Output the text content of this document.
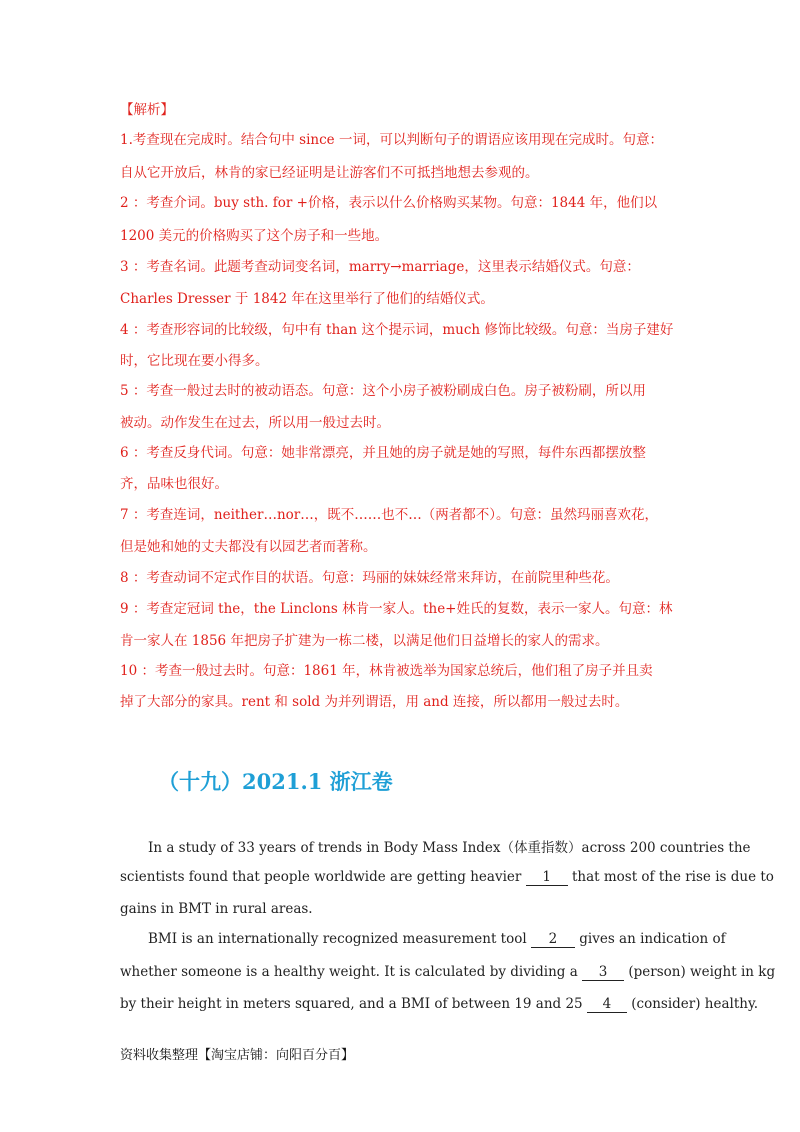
【解析】
1.考查现在完成时。结合句中 since 一词，可以判断句子的谓语应该用现在完成时。句意：
自从它开放后，林肯的家已经证明是让游客们不可抵挡地想去参观的。
2 ：考查介词。buy sth. for +价格，表示以什么价格购买某物。句意：1844 年，他们以
1200 美元的价格购买了这个房子和一些地。
3 ：考查名词。此题考查动词变名词，marry→marriage，这里表示结婚仪式。句意：
Charles Dresser 于 1842 年在这里举行了他们的结婚仪式。
4 ：考查形容词的比较级，句中有 than 这个提示词，much 修饰比较级。句意：当房子建好
时，它比现在要小得多。
5 ：考查一般过去时的被动语态。句意：这个小房子被粉刷成白色。房子被粉刷，所以用
被动。动作发生在过去，所以用一般过去时。
6 ：考查反身代词。句意：她非常漂亮，并且她的房子就是她的写照，每件东西都摆放整
齐，品味也很好。
7 ：考查连词，neither…nor…，既不……也不…（两者都不）。句意：虽然玛丽喜欢花，
但是她和她的丈夫都没有以园艺者而著称。
8 ：考查动词不定式作目的状语。句意：玛丽的妹妹经常来拜访，在前院里种些花。
9 ：考查定冠词 the，the Linclons 林肯一家人。the+姓氏的复数，表示一家人。句意：林
肯一家人在 1856 年把房子扩建为一栋二楼，以满足他们日益增长的家人的需求。
10 ：考查一般过去时。句意：1861 年，林肯被选举为国家总统后，他们租了房子并且卖
掉了大部分的家具。rent 和 sold 为并列谓语，用 and 连接，所以都用一般过去时。
（十九）2021.1 浙江卷
In a study of 33 years of trends in Body Mass Index（体重指数）across 200 countries the
scientists found that people worldwide are getting heavier 1 that most of the rise is due to
gains in BMT in rural areas.
BMI is an internationally recognized measurement tool 2 gives an indication of
whether someone is a healthy weight. It is calculated by dividing a 3 (person) weight in kg
by their height in meters squared, and a BMI of between 19 and 25 4 (consider) healthy.
资料收集整理【淘宝店铺：向阳百分百】
